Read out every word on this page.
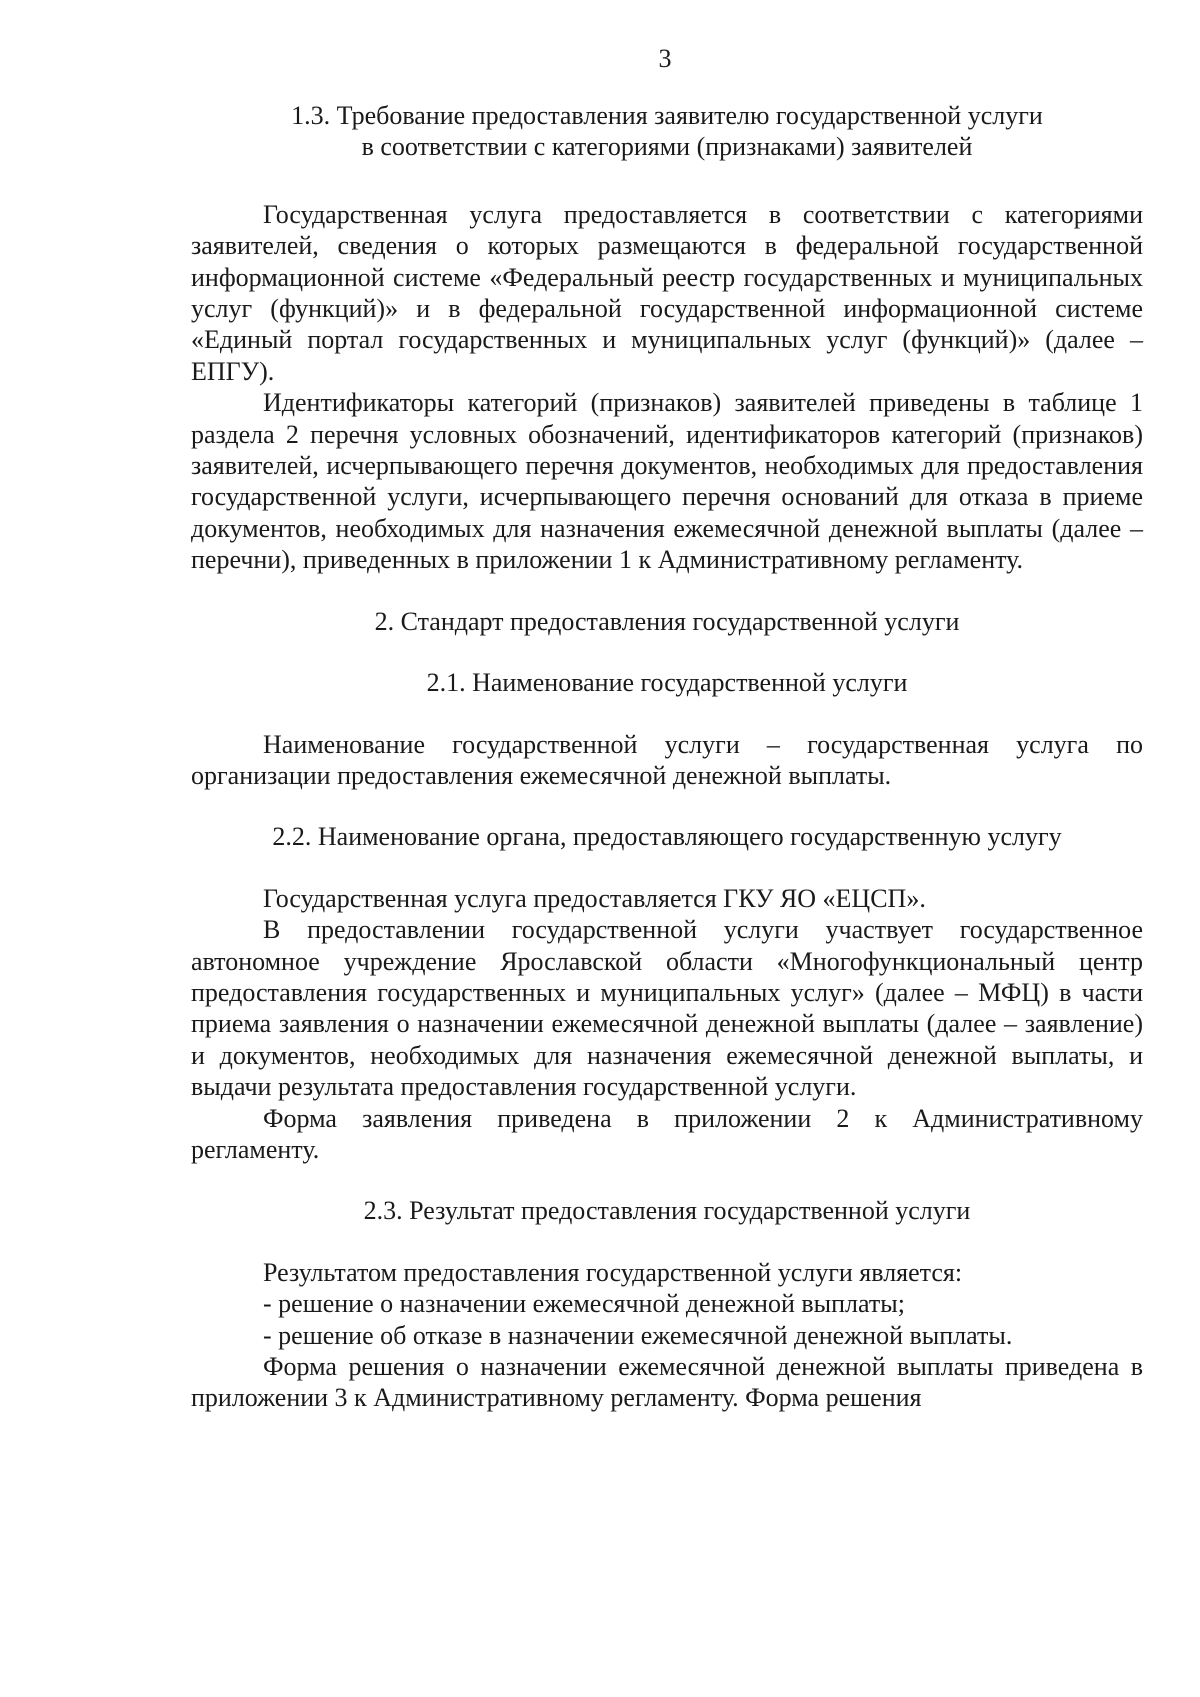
3

1.3. Требование предоставления заявителю государственной услуги

в соответствии с категориями (признаками) заявителей

Государственная услуга предоставляется в соответствии с категориями заявителей, сведения о которых размещаются в федеральной государственной информационной системе «Федеральный реестр государственных и муниципальных услуг (функций)» и в федеральной государственной информационной системе «Единый портал государственных и муниципальных услуг (функций)» (далее – ЕПГУ).

Идентификаторы категорий (признаков) заявителей приведены в таблице 1 раздела 2 перечня условных обозначений, идентификаторов категорий (признаков) заявителей, исчерпывающего перечня документов, необходимых для предоставления государственной услуги, исчерпывающего перечня оснований для отказа в приеме документов, необходимых для назначения ежемесячной денежной выплаты (далее – перечни), приведенных в приложении 1 к Административному регламенту.

2. Стандарт предоставления государственной услуги

2.1. Наименование государственной услуги

Наименование государственной услуги – государственная услуга по организации предоставления ежемесячной денежной выплаты.

2.2. Наименование органа, предоставляющего государственную услугу

Государственная услуга предоставляется ГКУ ЯО «ЕЦСП».

В предоставлении государственной услуги участвует государственное автономное учреждение Ярославской области «Многофункциональный центр предоставления государственных и муниципальных услуг» (далее – МФЦ) в части приема заявления о назначении ежемесячной денежной выплаты (далее – заявление) и документов, необходимых для назначения ежемесячной денежной выплаты, и выдачи результата предоставления государственной услуги.

Форма заявления приведена в приложении 2 к Административному регламенту.

2.3. Результат предоставления государственной услуги

Результатом предоставления государственной услуги является:

- решение о назначении ежемесячной денежной выплаты;

- решение об отказе в назначении ежемесячной денежной выплаты.

Форма решения о назначении ежемесячной денежной выплаты приведена в приложении 3 к Административному регламенту. Форма решения
